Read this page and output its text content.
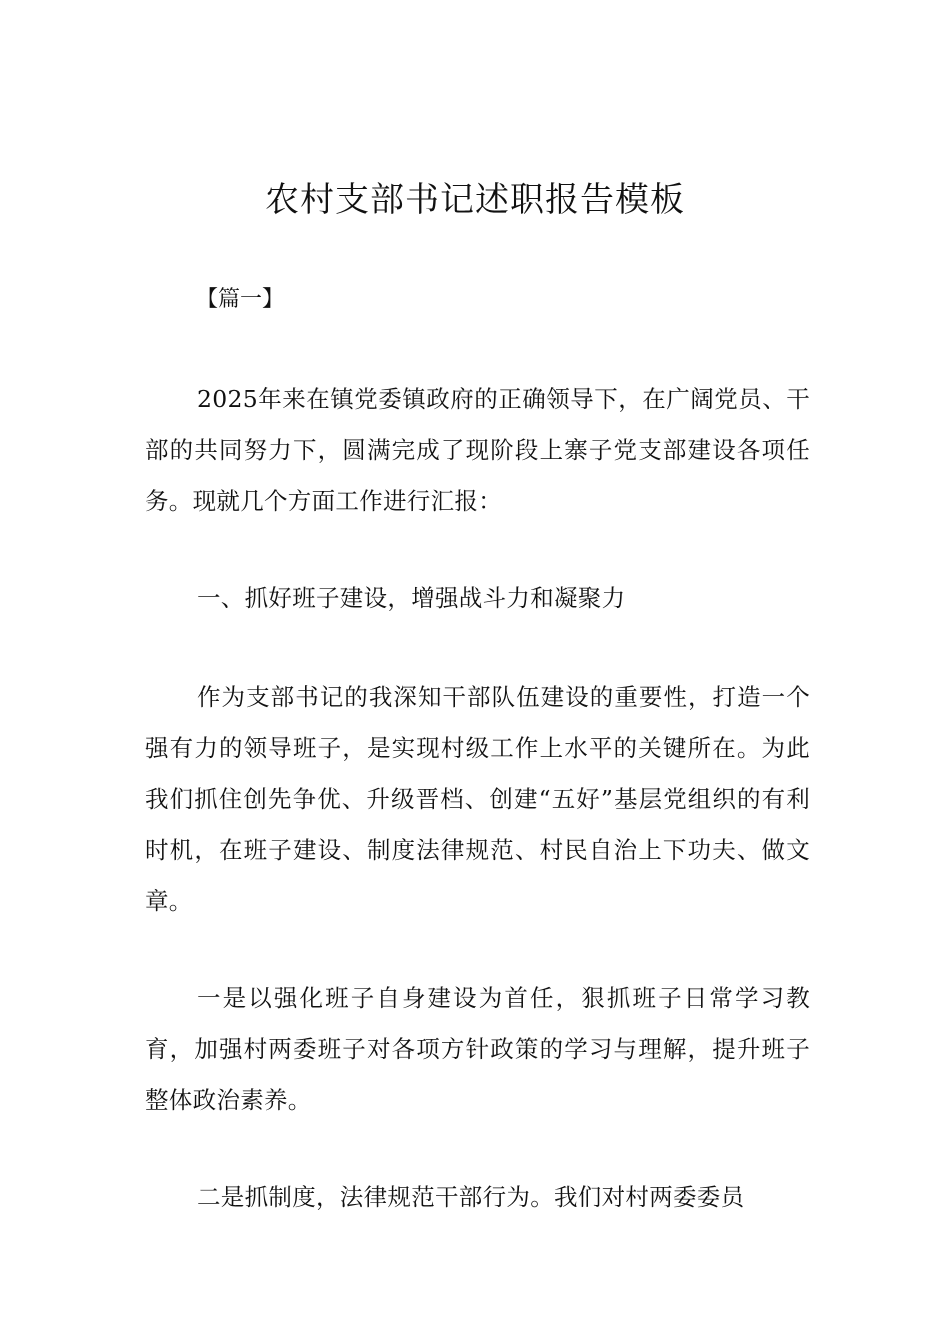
农村支部书记述职报告模板

【篇一】

2025年来在镇党委镇政府的正确领导下，在广阔党员、干部的共同努力下，圆满完成了现阶段上寨子党支部建设各项任务。现就几个方面工作进行汇报：

一、抓好班子建设，增强战斗力和凝聚力

作为支部书记的我深知干部队伍建设的重要性，打造一个强有力的领导班子，是实现村级工作上水平的关键所在。为此我们抓住创先争优、升级晋档、创建“五好”基层党组织的有利时机，在班子建设、制度法律规范、村民自治上下功夫、做文章。

一是以强化班子自身建设为首任，狠抓班子日常学习教育，加强村两委班子对各项方针政策的学习与理解，提升班子整体政治素养。

二是抓制度，法律规范干部行为。我们对村两委委员
